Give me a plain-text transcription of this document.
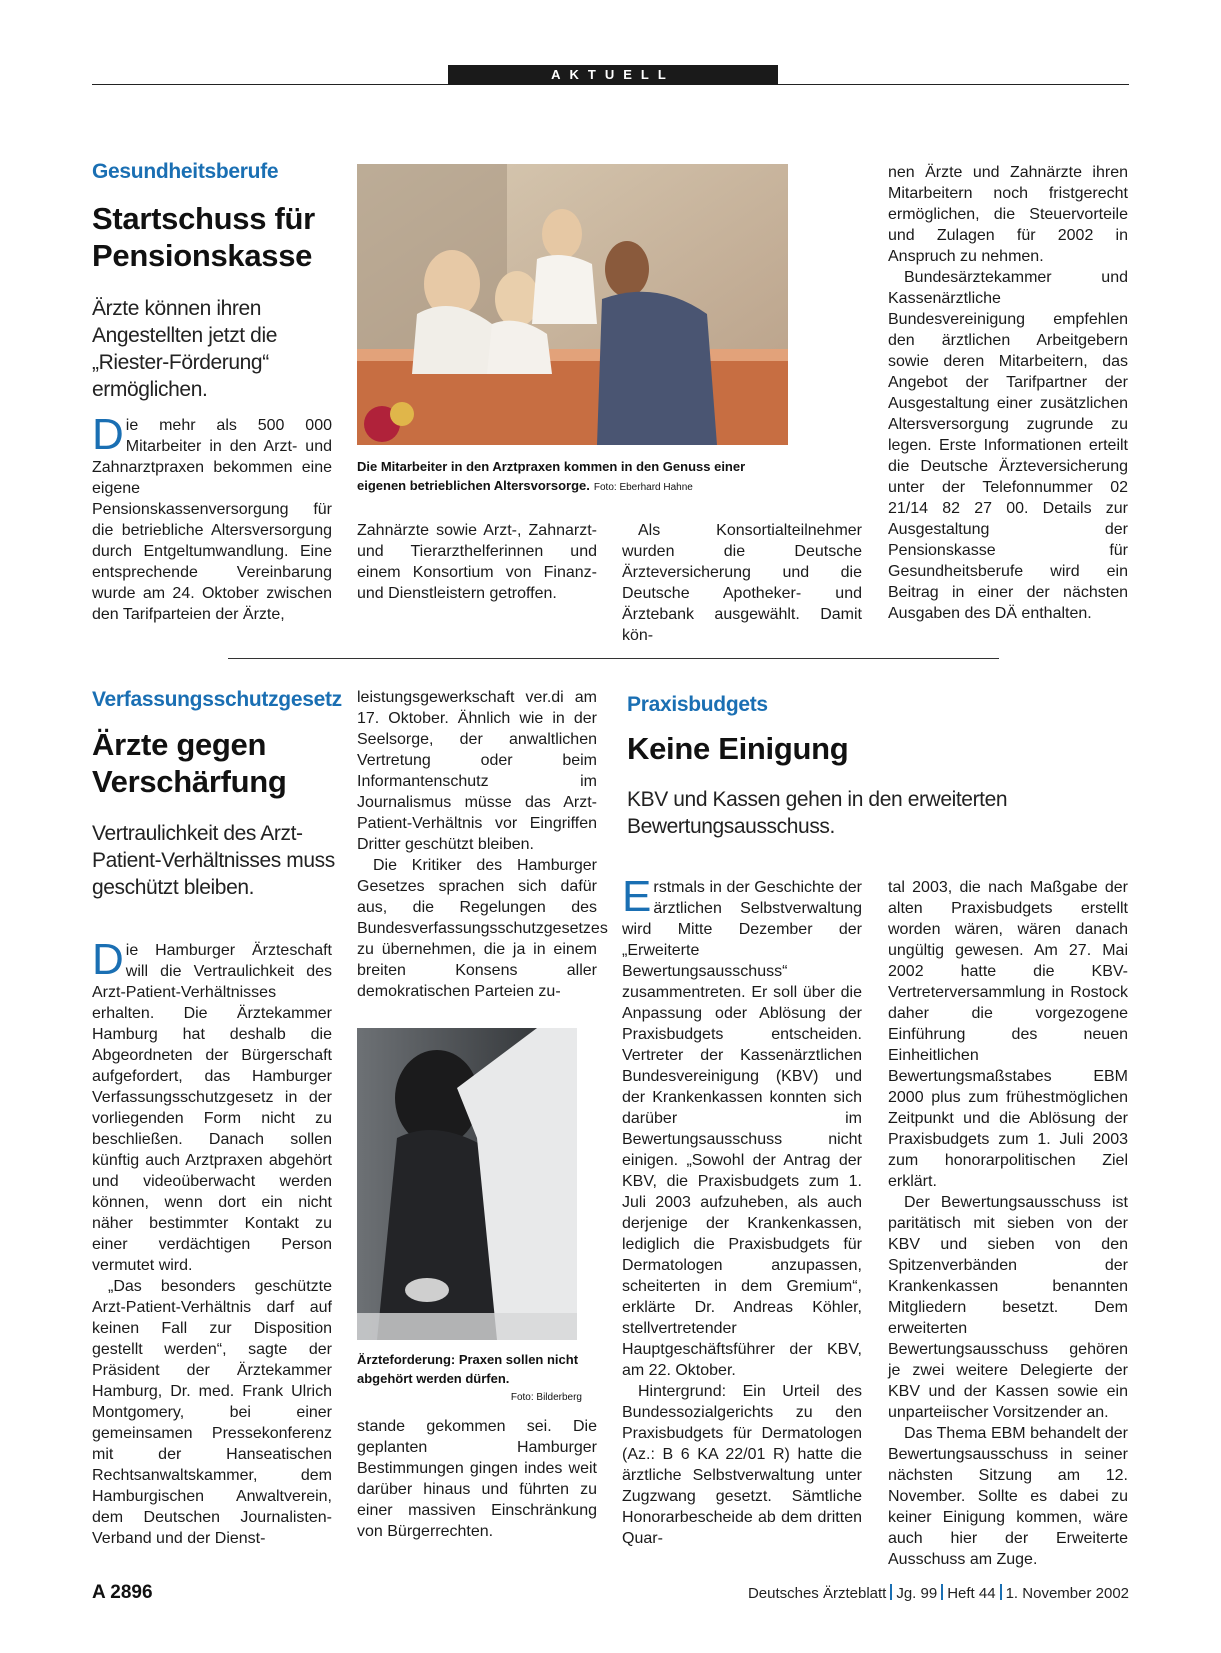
AKTUELL
Gesundheitsberufe
Startschuss für Pensionskasse
Ärzte können ihren Angestellten jetzt die „Riester-Förderung“ ermöglichen.

Die mehr als 500 000 Mitarbeiter in den Arzt- und Zahnarztpraxen bekommen eine eigene Pensionskassenversorgung für die betriebliche Altersversorgung durch Entgeltumwandlung. Eine entsprechende Vereinbarung wurde am 24. Oktober zwischen den Tarifparteien der Ärzte,

Die Mitarbeiter in den Arztpraxen kommen in den Genuss einer eigenen betrieblichen Altersvorsorge. Foto: Eberhard Hahne

Zahnärzte sowie Arzt-, Zahnarzt- und Tierarzthelferinnen und einem Konsortium von Finanz- und Dienstleistern getroffen.

Als Konsortialteilnehmer wurden die Deutsche Ärzteversicherung und die Deutsche Apotheker- und Ärztebank ausgewählt. Damit kön-

nen Ärzte und Zahnärzte ihren Mitarbeitern noch fristgerecht ermöglichen, die Steuervorteile und Zulagen für 2002 in Anspruch zu nehmen.

Bundesärztekammer und Kassenärztliche Bundesvereinigung empfehlen den ärztlichen Arbeitgebern sowie deren Mitarbeitern, das Angebot der Tarifpartner der Ausgestaltung einer zusätzlichen Altersversorgung zugrunde zu legen. Erste Informationen erteilt die Deutsche Ärzteversicherung unter der Telefonnummer 02 21/14 82 27 00. Details zur Ausgestaltung der Pensionskasse für Gesundheitsberufe wird ein Beitrag in einer der nächsten Ausgaben des DÄ enthalten.

Verfassungsschutzgesetz
Ärzte gegen Verschärfung
Vertraulichkeit des Arzt-Patient-Verhältnisses muss geschützt bleiben.

Die Hamburger Ärzteschaft will die Vertraulichkeit des Arzt-Patient-Verhältnisses erhalten. Die Ärztekammer Hamburg hat deshalb die Abgeordneten der Bürgerschaft aufgefordert, das Hamburger Verfassungsschutzgesetz in der vorliegenden Form nicht zu beschließen. Danach sollen künftig auch Arztpraxen abgehört und videoüberwacht werden können, wenn dort ein nicht näher bestimmter Kontakt zu einer verdächtigen Person vermutet wird.

„Das besonders geschützte Arzt-Patient-Verhältnis darf auf keinen Fall zur Disposition gestellt werden“, sagte der Präsident der Ärztekammer Hamburg, Dr. med. Frank Ulrich Montgomery, bei einer gemeinsamen Pressekonferenz mit der Hanseatischen Rechtsanwaltskammer, dem Hamburgischen Anwaltverein, dem Deutschen Journalisten-Verband und der Dienst-

leistungsgewerkschaft ver.di am 17. Oktober. Ähnlich wie in der Seelsorge, der anwaltlichen Vertretung oder beim Informantenschutz im Journalismus müsse das Arzt-Patient-Verhältnis vor Eingriffen Dritter geschützt bleiben.

Die Kritiker des Hamburger Gesetzes sprachen sich dafür aus, die Regelungen des Bundesverfassungsschutzgesetzes zu übernehmen, die ja in einem breiten Konsens aller demokratischen Parteien zu-

Ärzteforderung: Praxen sollen nicht abgehört werden dürfen.
Foto: Bilderberg

stande gekommen sei. Die geplanten Hamburger Bestimmungen gingen indes weit darüber hinaus und führten zu einer massiven Einschränkung von Bürgerrechten.

Praxisbudgets
Keine Einigung
KBV und Kassen gehen in den erweiterten Bewertungsausschuss.

Erstmals in der Geschichte der ärztlichen Selbstverwaltung wird Mitte Dezember der „Erweiterte Bewertungsausschuss“ zusammentreten. Er soll über die Anpassung oder Ablösung der Praxisbudgets entscheiden. Vertreter der Kassenärztlichen Bundesvereinigung (KBV) und der Krankenkassen konnten sich darüber im Bewertungsausschuss nicht einigen. „Sowohl der Antrag der KBV, die Praxisbudgets zum 1. Juli 2003 aufzuheben, als auch derjenige der Krankenkassen, lediglich die Praxisbudgets für Dermatologen anzupassen, scheiterten in dem Gremium“, erklärte Dr. Andreas Köhler, stellvertretender Hauptgeschäftsführer der KBV, am 22. Oktober.

Hintergrund: Ein Urteil des Bundessozialgerichts zu den Praxisbudgets für Dermatologen (Az.: B 6 KA 22/01 R) hatte die ärztliche Selbstverwaltung unter Zugzwang gesetzt. Sämtliche Honorarbescheide ab dem dritten Quar-

tal 2003, die nach Maßgabe der alten Praxisbudgets erstellt worden wären, wären danach ungültig gewesen. Am 27. Mai 2002 hatte die KBV-Vertreterversammlung in Rostock daher die vorgezogene Einführung des neuen Einheitlichen Bewertungsmaßstabes EBM 2000 plus zum frühestmöglichen Zeitpunkt und die Ablösung der Praxisbudgets zum 1. Juli 2003 zum honorarpolitischen Ziel erklärt.

Der Bewertungsausschuss ist paritätisch mit sieben von der KBV und sieben von den Spitzenverbänden der Krankenkassen benannten Mitgliedern besetzt. Dem erweiterten Bewertungsausschuss gehören je zwei weitere Delegierte der KBV und der Kassen sowie ein unparteiischer Vorsitzender an.

Das Thema EBM behandelt der Bewertungsausschuss in seiner nächsten Sitzung am 12. November. Sollte es dabei zu keiner Einigung kommen, wäre auch hier der Erweiterte Ausschuss am Zuge.

A 2896	Deutsches Ärzteblatt Jg. 99 Heft 44 1. November 2002
